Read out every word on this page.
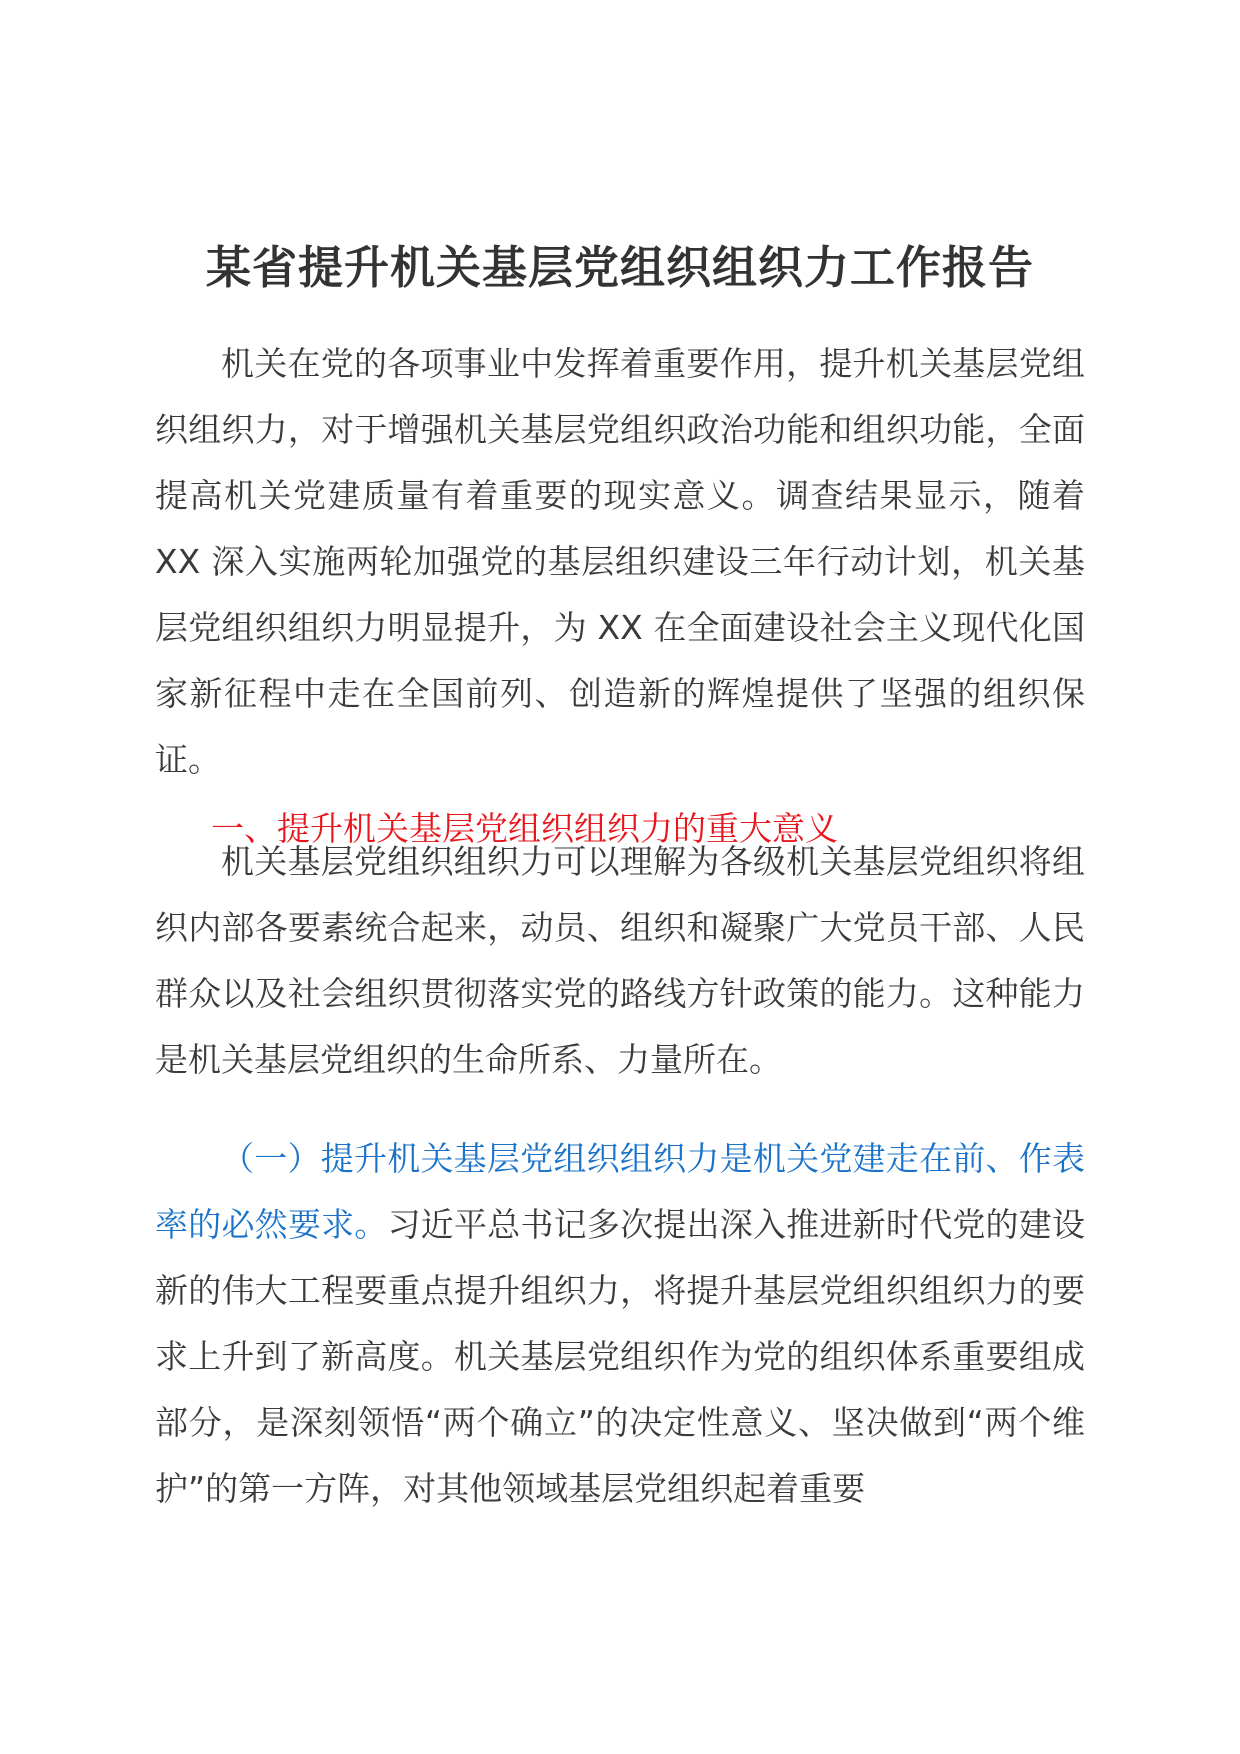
某省提升机关基层党组织组织力工作报告
机关在党的各项事业中发挥着重要作用，提升机关基层党组织组织力，对于增强机关基层党组织政治功能和组织功能，全面提高机关党建质量有着重要的现实意义。调查结果显示，随着 XX 深入实施两轮加强党的基层组织建设三年行动计划，机关基层党组织组织力明显提升，为 XX 在全面建设社会主义现代化国家新征程中走在全国前列、创造新的辉煌提供了坚强的组织保证。
一、提升机关基层党组织组织力的重大意义
机关基层党组织组织力可以理解为各级机关基层党组织将组织内部各要素统合起来，动员、组织和凝聚广大党员干部、人民群众以及社会组织贯彻落实党的路线方针政策的能力。这种能力是机关基层党组织的生命所系、力量所在。
（一）提升机关基层党组织组织力是机关党建走在前、作表率的必然要求。习近平总书记多次提出深入推进新时代党的建设新的伟大工程要重点提升组织力，将提升基层党组织组织力的要求上升到了新高度。机关基层党组织作为党的组织体系重要组成部分，是深刻领悟“两个确立”的决定性意义、坚决做到“两个维护”的第一方阵，对其他领域基层党组织起着重要
